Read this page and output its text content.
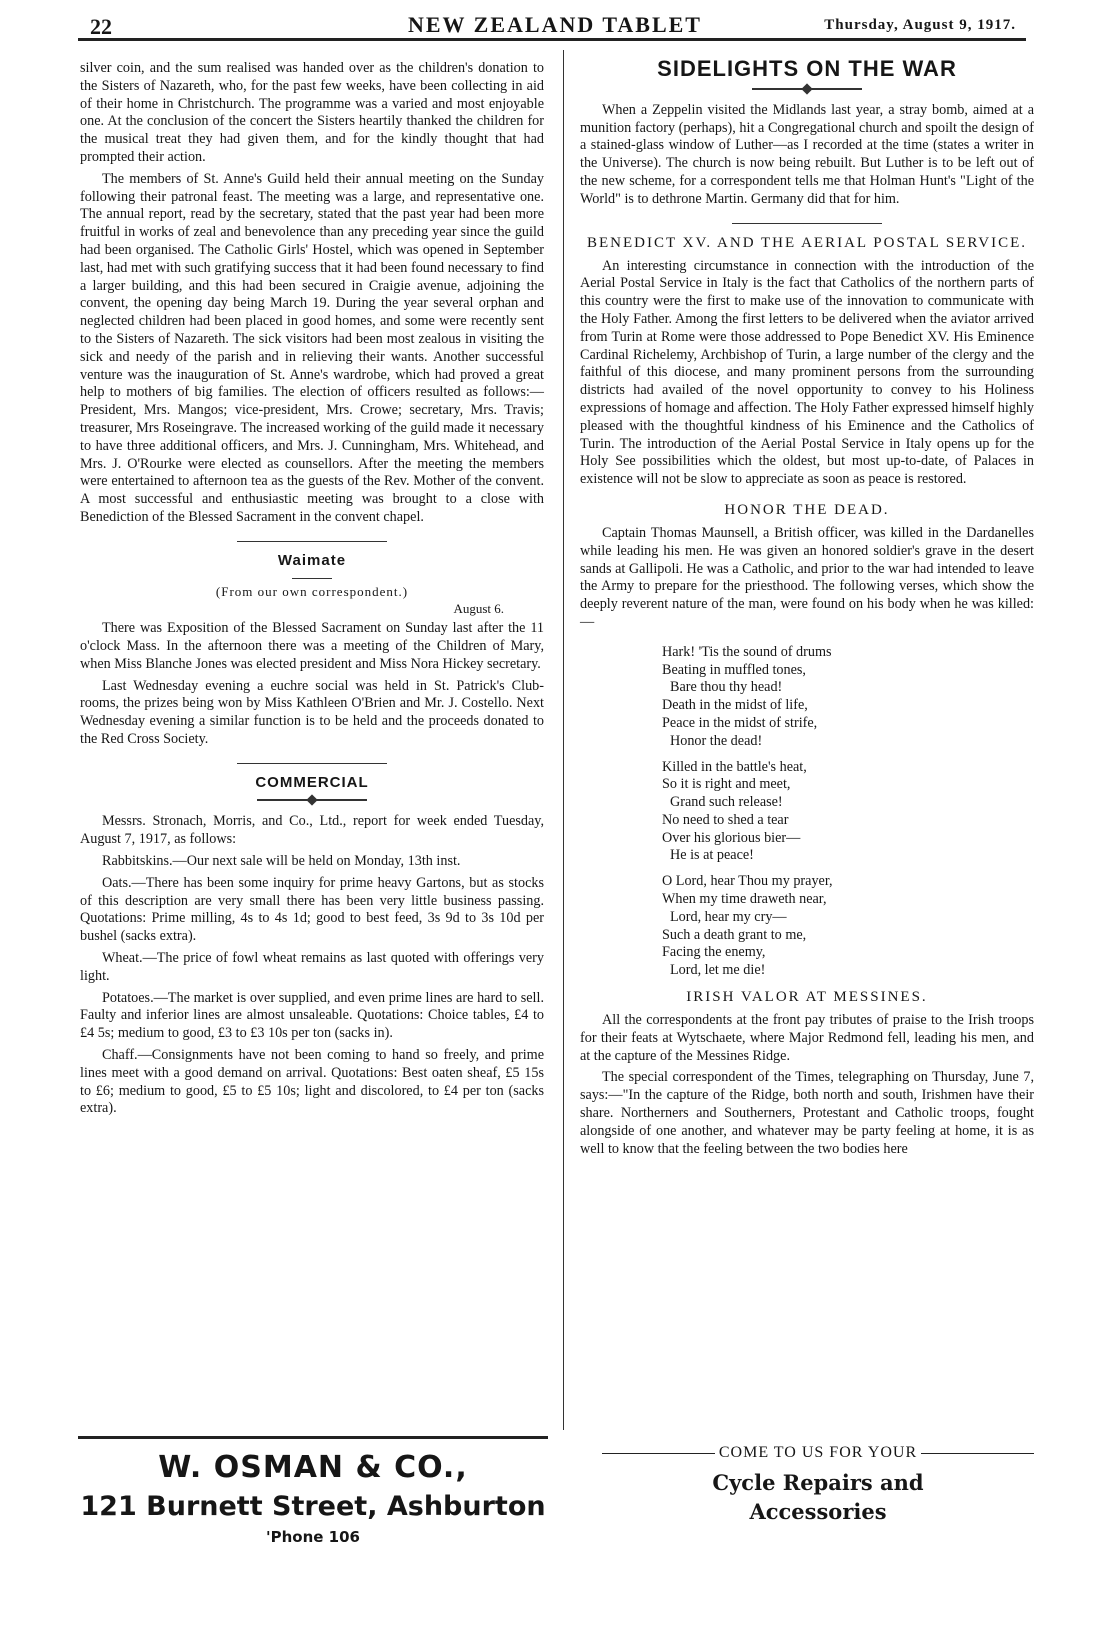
22	NEW ZEALAND TABLET	Thursday, August 9, 1917.

silver coin, and the sum realised was handed over as the children's donation to the Sisters of Nazareth, who, for the past few weeks, have been collecting in aid of their home in Christchurch. The programme was a varied and most enjoyable one. At the conclusion of the concert the Sisters heartily thanked the children for the musical treat they had given them, and for the kindly thought that had prompted their action.

The members of St. Anne's Guild held their annual meeting on the Sunday following their patronal feast. The meeting was a large, and representative one. The annual report, read by the secretary, stated that the past year had been more fruitful in works of zeal and benevolence than any preceding year since the guild had been organised. The Catholic Girls' Hostel, which was opened in September last, had met with such gratifying success that it had been found necessary to find a larger building, and this had been secured in Craigie avenue, adjoining the convent, the opening day being March 19. During the year several orphan and neglected children had been placed in good homes, and some were recently sent to the Sisters of Nazareth. The sick visitors had been most zealous in visiting the sick and needy of the parish and in relieving their wants. Another successful venture was the inauguration of St. Anne's wardrobe, which had proved a great help to mothers of big families. The election of officers resulted as follows:—President, Mrs. Mangos; vice-president, Mrs. Crowe; secretary, Mrs. Travis; treasurer, Mrs Roseingrave. The increased working of the guild made it necessary to have three additional officers, and Mrs. J. Cunningham, Mrs. Whitehead, and Mrs. J. O'Rourke were elected as counsellors. After the meeting the members were entertained to afternoon tea as the guests of the Rev. Mother of the convent. A most successful and enthusiastic meeting was brought to a close with Benediction of the Blessed Sacrament in the convent chapel.

Waimate
(From our own correspondent.)
August 6.

There was Exposition of the Blessed Sacrament on Sunday last after the 11 o'clock Mass. In the afternoon there was a meeting of the Children of Mary, when Miss Blanche Jones was elected president and Miss Nora Hickey secretary.

Last Wednesday evening a euchre social was held in St. Patrick's Club-rooms, the prizes being won by Miss Kathleen O'Brien and Mr. J. Costello. Next Wednesday evening a similar function is to be held and the proceeds donated to the Red Cross Society.

COMMERCIAL

Messrs. Stronach, Morris, and Co., Ltd., report for week ended Tuesday, August 7, 1917, as follows:

Rabbitskins.—Our next sale will be held on Monday, 13th inst.

Oats.—There has been some inquiry for prime heavy Gartons, but as stocks of this description are very small there has been very little business passing. Quotations: Prime milling, 4s to 4s 1d; good to best feed, 3s 9d to 3s 10d per bushel (sacks extra).

Wheat.—The price of fowl wheat remains as last quoted with offerings very light.

Potatoes.—The market is over supplied, and even prime lines are hard to sell. Faulty and inferior lines are almost unsaleable. Quotations: Choice tables, £4 to £4 5s; medium to good, £3 to £3 10s per ton (sacks in).

Chaff.—Consignments have not been coming to hand so freely, and prime lines meet with a good demand on arrival. Quotations: Best oaten sheaf, £5 15s to £6; medium to good, £5 to £5 10s; light and discolored, to £4 per ton (sacks extra).

SIDELIGHTS ON THE WAR

When a Zeppelin visited the Midlands last year, a stray bomb, aimed at a munition factory (perhaps), hit a Congregational church and spoilt the design of a stained-glass window of Luther—as I recorded at the time (states a writer in the Universe). The church is now being rebuilt. But Luther is to be left out of the new scheme, for a correspondent tells me that Holman Hunt's "Light of the World" is to dethrone Martin. Germany did that for him.

BENEDICT XV. AND THE AERIAL POSTAL SERVICE.

An interesting circumstance in connection with the introduction of the Aerial Postal Service in Italy is the fact that Catholics of the northern parts of this country were the first to make use of the innovation to communicate with the Holy Father. Among the first letters to be delivered when the aviator arrived from Turin at Rome were those addressed to Pope Benedict XV. His Eminence Cardinal Richelemy, Archbishop of Turin, a large number of the clergy and the faithful of this diocese, and many prominent persons from the surrounding districts had availed of the novel opportunity to convey to his Holiness expressions of homage and affection. The Holy Father expressed himself highly pleased with the thoughtful kindness of his Eminence and the Catholics of Turin. The introduction of the Aerial Postal Service in Italy opens up for the Holy See possibilities which the oldest, but most up-to-date, of Palaces in existence will not be slow to appreciate as soon as peace is restored.

HONOR THE DEAD.

Captain Thomas Maunsell, a British officer, was killed in the Dardanelles while leading his men. He was given an honored soldier's grave in the desert sands at Gallipoli. He was a Catholic, and prior to the war had intended to leave the Army to prepare for the priesthood. The following verses, which show the deeply reverent nature of the man, were found on his body when he was killed:—

Hark! 'Tis the sound of drums
Beating in muffled tones,
Bare thou thy head!
Death in the midst of life,
Peace in the midst of strife,
Honor the dead!
Killed in the battle's heat,
So it is right and meet,
Grand such release!
No need to shed a tear
Over his glorious bier—
He is at peace!
O Lord, hear Thou my prayer,
When my time draweth near,
Lord, hear my cry—
Such a death grant to me,
Facing the enemy,
Lord, let me die!
IRISH VALOR AT MESSINES.

All the correspondents at the front pay tributes of praise to the Irish troops for their feats at Wytschaete, where Major Redmond fell, leading his men, and at the capture of the Messines Ridge.

The special correspondent of the Times, telegraphing on Thursday, June 7, says:—"In the capture of the Ridge, both north and south, Irishmen have their share. Northerners and Southerners, Protestant and Catholic troops, fought alongside of one another, and whatever may be party feeling at home, it is as well to know that the feeling between the two bodies here

W. OSMAN & CO.,
121 Burnett Street, Ashburton
'Phone 106
COME TO US FOR YOUR
Cycle Repairs and
Accessories
